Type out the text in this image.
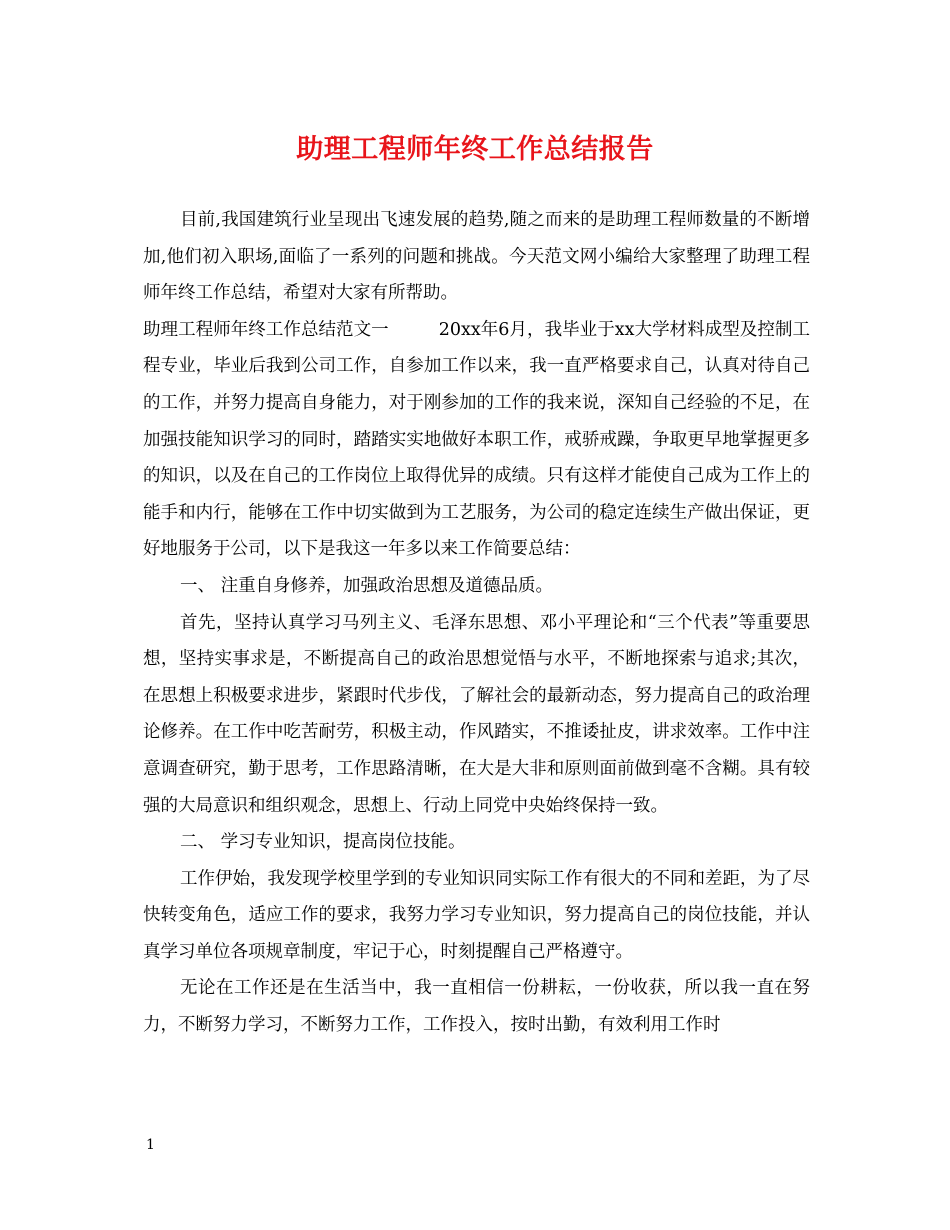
助理工程师年终工作总结报告

目前,我国建筑行业呈现出飞速发展的趋势,随之而来的是助理工程师数量的不断增加,他们初入职场,面临了一系列的问题和挑战。今天范文网小编给大家整理了助理工程师年终工作总结，希望对大家有所帮助。

助理工程师年终工作总结范文一	20xx年6月，我毕业于xx大学材料成型及控制工程专业，毕业后我到公司工作，自参加工作以来，我一直严格要求自己，认真对待自己的工作，并努力提高自身能力，对于刚参加的工作的我来说，深知自己经验的不足，在加强技能知识学习的同时，踏踏实实地做好本职工作，戒骄戒躁，争取更早地掌握更多的知识，以及在自己的工作岗位上取得优异的成绩。只有这样才能使自己成为工作上的能手和内行，能够在工作中切实做到为工艺服务，为公司的稳定连续生产做出保证，更好地服务于公司，以下是我这一年多以来工作简要总结：

一、 注重自身修养，加强政治思想及道德品质。

首先，坚持认真学习马列主义、毛泽东思想、邓小平理论和“三个代表”等重要思想，坚持实事求是，不断提高自己的政治思想觉悟与水平，不断地探索与追求;其次，在思想上积极要求进步，紧跟时代步伐，了解社会的最新动态，努力提高自己的政治理论修养。在工作中吃苦耐劳，积极主动，作风踏实，不推诿扯皮，讲求效率。工作中注意调查研究，勤于思考，工作思路清晰，在大是大非和原则面前做到毫不含糊。具有较强的大局意识和组织观念，思想上、行动上同党中央始终保持一致。

二、 学习专业知识，提高岗位技能。

工作伊始，我发现学校里学到的专业知识同实际工作有很大的不同和差距，为了尽快转变角色，适应工作的要求，我努力学习专业知识，努力提高自己的岗位技能，并认真学习单位各项规章制度，牢记于心，时刻提醒自己严格遵守。

无论在工作还是在生活当中，我一直相信一份耕耘，一份收获，所以我一直在努力，不断努力学习，不断努力工作，工作投入，按时出勤，有效利用工作时

1
